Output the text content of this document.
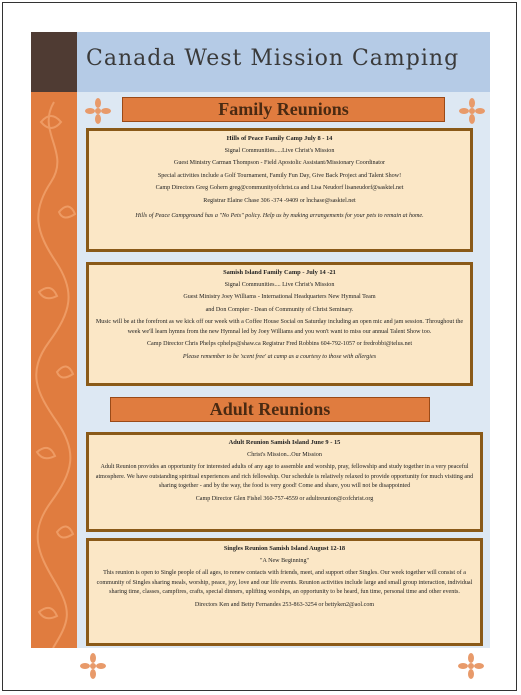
Canada West Mission Camping
Family Reunions

Hills of Peace Family Camp July 8 - 14

Signal Communities.....Live Christ's Mission

Guest Ministry Carman Thompson - Field Apostolic Assistant/Missionary Coordinator

Special activities include a Golf Tournament, Family Fun Day, Give Back Project and Talent Show!

Camp Directors Greg Gohern greg@communityofchrist.ca and Lisa Neudorf lisaneudorf@sasktel.net

Registrar Elaine Chase 306 -374 -9409 or lnchase@sasktel.net

Hills of Peace Campground has a "No Pets" policy. Help us by making arrangements for your pets to remain at home.

Samish Island Family Camp - July 14 -21

Signal Communities.... Live Christ's Mission

Guest Ministry Joey Williams - International Headquarters New Hymnal Team

and Don Compier - Dean of Community of Christ Seminary.

Music will be at the forefront as we kick off our week with a Coffee House Social on Saturday including an open mic and jam session. Throughout the week we'll learn hymns from the new Hymnal led by Joey Williams and you won't want to miss our annual Talent Show too.

Camp Director Chris Phelps cphelps@shaw.ca Registrar Fred Robbins 604-792-1057 or fredrobbi@telus.net

Please remember to be 'scent free' at camp as a courtesy to those with allergies

Adult Reunions

Adult Reunion Samish Island June 9 - 15

Christ's Mission...Our Mission

Adult Reunion provides an opportunity for interested adults of any age to assemble and worship, pray, fellowship and study together in a very peaceful atmosphere. We have outstanding spiritual experiences and rich fellowship. Our schedule is relatively relaxed to provide opportunity for much visiting and sharing together - and by the way, the food is very good! Come and share, you will not be disappointed

Camp Director Glen Fishel 360-757-4559 or adultreunion@cofchrist.org

Singles Reunion Samish Island August 12-18

"A New Beginning"

This reunion is open to Single people of all ages, to renew contacts with friends, meet, and support other Singles. Our week together will consist of a community of Singles sharing meals, worship, peace, joy, love and our life events. Reunion activities include large and small group interaction, individual sharing time, classes, campfires, crafts, special dinners, uplifting worships, an opportunity to be heard, fun time, personal time and other events.

Directors Ken and Betty Fernandes 253-863-3254 or bettyken2@aol.com
